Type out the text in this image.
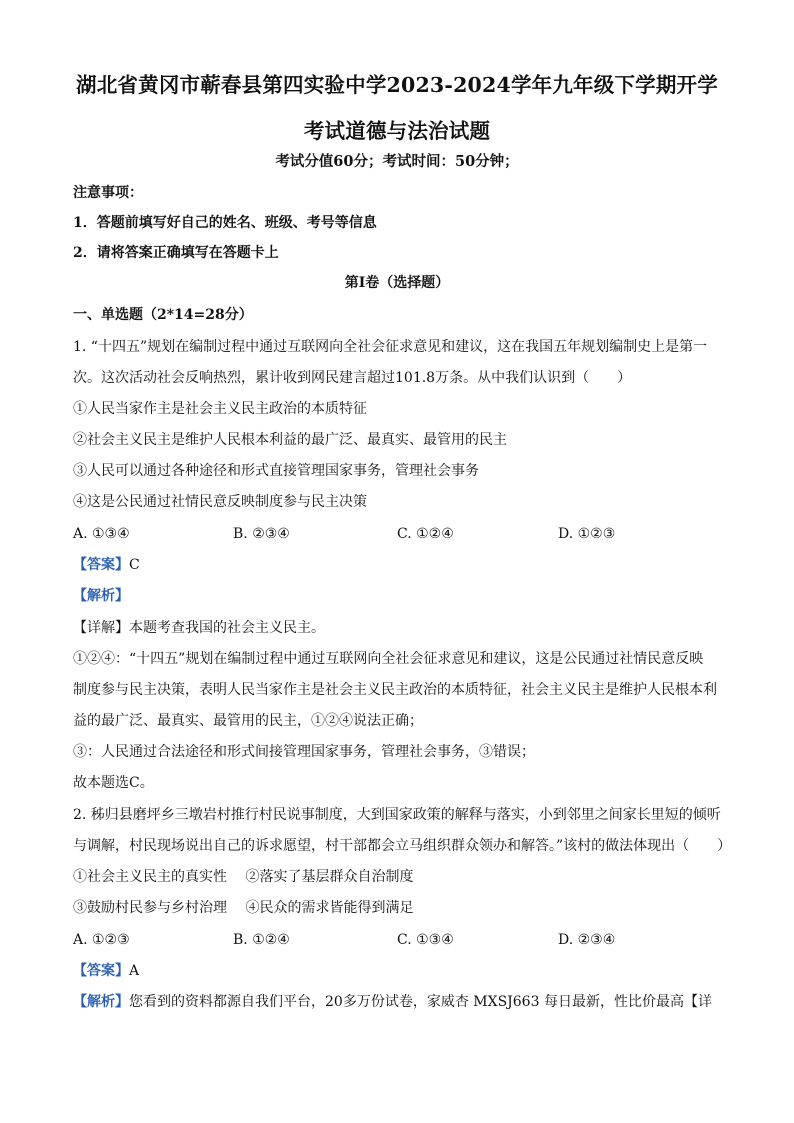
湖北省黄冈市蕲春县第四实验中学2023-2024学年九年级下学期开学
考试道德与法治试题
考试分值60分；考试时间：50分钟；
注意事项：
1．答题前填写好自己的姓名、班级、考号等信息
2．请将答案正确填写在答题卡上
第I卷（选择题）
一、单选题（2*14=28分）
1. “十四五”规划在编制过程中通过互联网向全社会征求意见和建议，这在我国五年规划编制史上是第一
次。这次活动社会反响热烈，累计收到网民建言超过101.8万条。从中我们认识到（　　）
①人民当家作主是社会主义民主政治的本质特征
②社会主义民主是维护人民根本利益的最广泛、最真实、最管用的民主
③人民可以通过各种途径和形式直接管理国家事务，管理社会事务
④这是公民通过社情民意反映制度参与民主决策
A. ①③④	B. ②③④	C. ①②④	D. ①②③
【答案】C
【解析】
【详解】本题考查我国的社会主义民主。
①②④：“十四五”规划在编制过程中通过互联网向全社会征求意见和建议，这是公民通过社情民意反映
制度参与民主决策，表明人民当家作主是社会主义民主政治的本质特征，社会主义民主是维护人民根本利
益的最广泛、最真实、最管用的民主，①②④说法正确；
③：人民通过合法途径和形式间接管理国家事务，管理社会事务，③错误；
故本题选C。
2. 秭归县磨坪乡三墩岩村推行村民说事制度，大到国家政策的解释与落实，小到邻里之间家长里短的倾听
与调解，村民现场说出自己的诉求愿望，村干部都会立马组织群众领办和解答。”该村的做法体现出（　　）
①社会主义民主的真实性　 ②落实了基层群众自治制度
③鼓励村民参与乡村治理　 ④民众的需求皆能得到满足
A. ①②③	B. ①②④	C. ①③④	D. ②③④
【答案】A
【解析】您看到的资料都源自我们平台，20多万份试卷，家威杏 MXSJ663 每日最新，性比价最高【详
